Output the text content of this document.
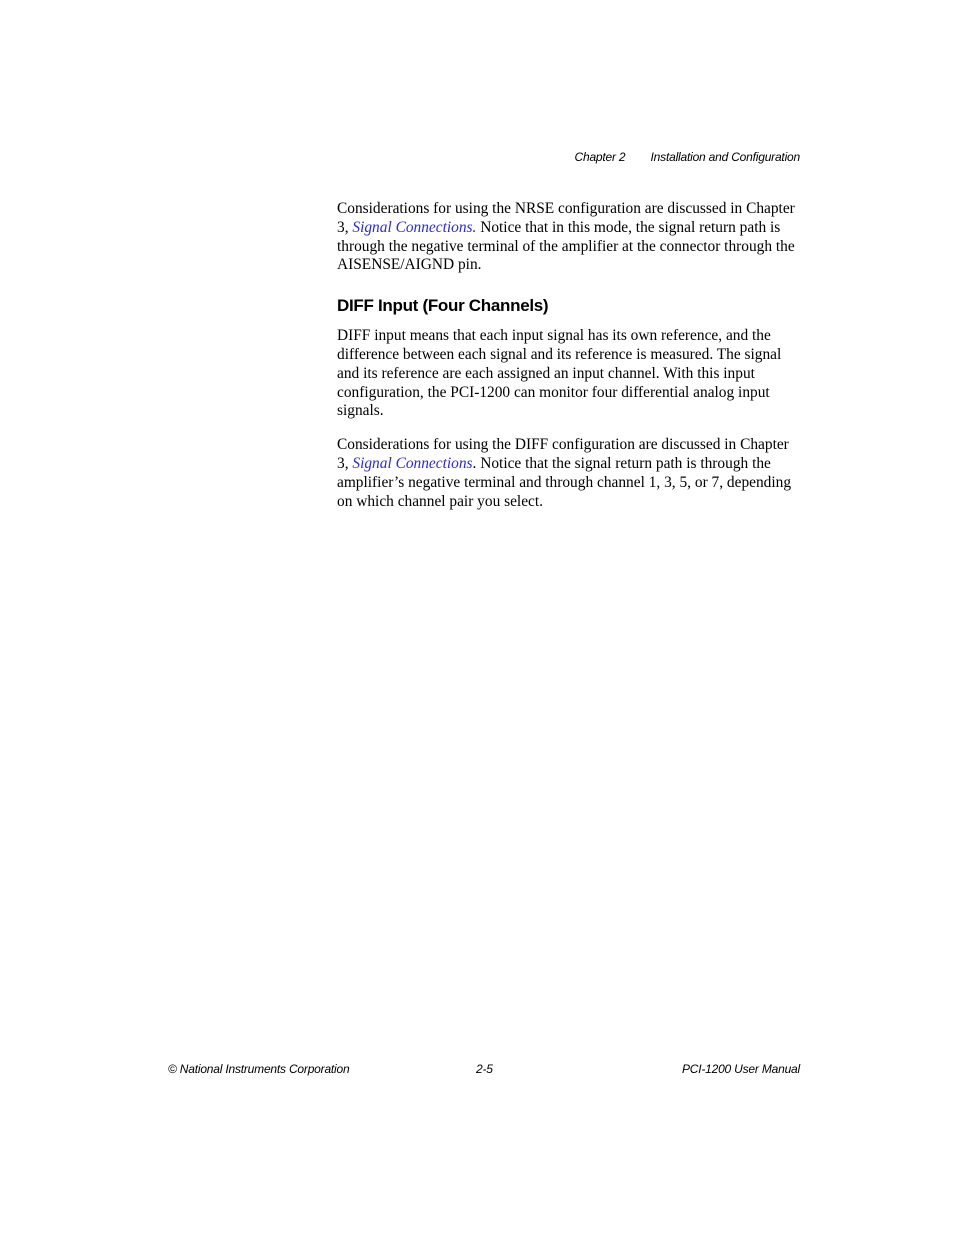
Chapter 2 Installation and Configuration

Considerations for using the NRSE configuration are discussed in Chapter 3, Signal Connections. Notice that in this mode, the signal return path is through the negative terminal of the amplifier at the connector through the AISENSE/AIGND pin.

DIFF Input (Four Channels)

DIFF input means that each input signal has its own reference, and the difference between each signal and its reference is measured. The signal and its reference are each assigned an input channel. With this input configuration, the PCI-1200 can monitor four differential analog input signals.

Considerations for using the DIFF configuration are discussed in Chapter 3, Signal Connections. Notice that the signal return path is through the amplifier’s negative terminal and through channel 1, 3, 5, or 7, depending on which channel pair you select.

© National Instruments Corporation	2-5	PCI-1200 User Manual
